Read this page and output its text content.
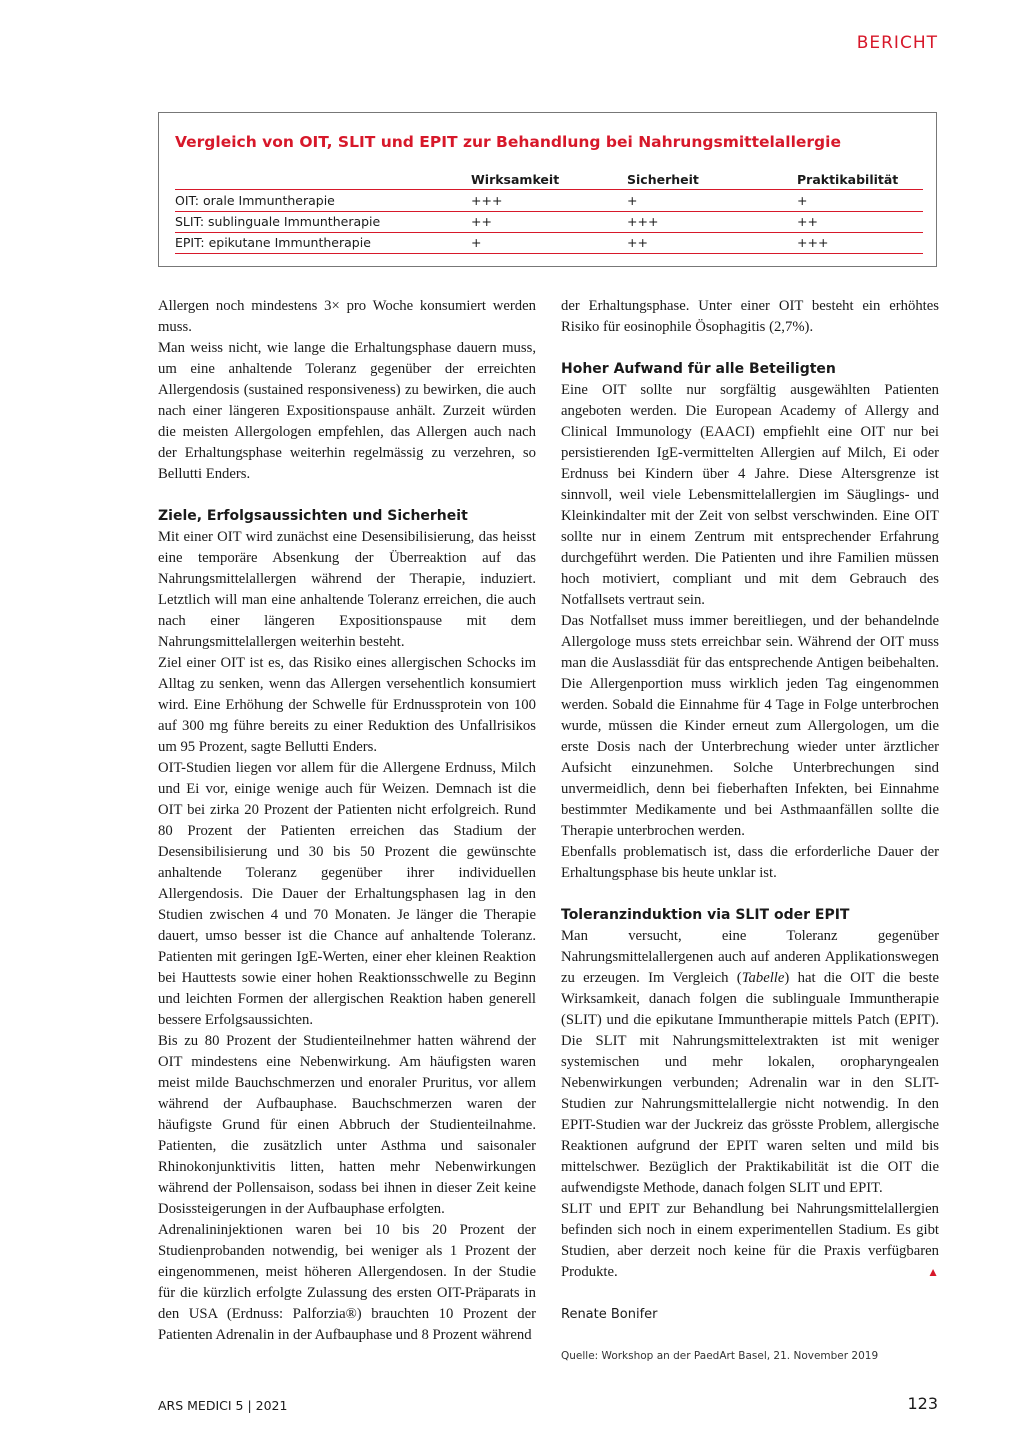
BERICHT
Vergleich von OIT, SLIT und EPIT zur Behandlung bei Nahrungsmittelallergie
Wirksamkeit	Sicherheit	Praktikabilität
OIT: orale Immuntherapie	+++	+	+
SLIT: sublinguale Immuntherapie	++	+++	++
EPIT: epikutane Immuntherapie	+	++	+++

Allergen noch mindestens 3× pro Woche konsumiert werden muss.

Man weiss nicht, wie lange die Erhaltungsphase dauern muss, um eine anhaltende Toleranz gegenüber der erreichten Allergendosis (sustained responsiveness) zu bewirken, die auch nach einer längeren Expositionspause anhält. Zurzeit würden die meisten Allergologen empfehlen, das Allergen auch nach der Erhaltungsphase weiterhin regelmässig zu verzehren, so Bellutti Enders.

Ziele, Erfolgsaussichten und Sicherheit

Mit einer OIT wird zunächst eine Desensibilisierung, das heisst eine temporäre Absenkung der Überreaktion auf das Nahrungsmittelallergen während der Therapie, induziert. Letztlich will man eine anhaltende Toleranz erreichen, die auch nach einer längeren Expositionspause mit dem Nahrungsmittelallergen weiterhin besteht.

Ziel einer OIT ist es, das Risiko eines allergischen Schocks im Alltag zu senken, wenn das Allergen versehentlich konsumiert wird. Eine Erhöhung der Schwelle für Erdnussprotein von 100 auf 300 mg führe bereits zu einer Reduktion des Unfallrisikos um 95 Prozent, sagte Bellutti Enders.

OIT-Studien liegen vor allem für die Allergene Erdnuss, Milch und Ei vor, einige wenige auch für Weizen. Demnach ist die OIT bei zirka 20 Prozent der Patienten nicht erfolgreich. Rund 80 Prozent der Patienten erreichen das Stadium der Desensibilisierung und 30 bis 50 Prozent die gewünschte anhaltende Toleranz gegenüber ihrer individuellen Allergendosis. Die Dauer der Erhaltungsphasen lag in den Studien zwischen 4 und 70 Monaten. Je länger die Therapie dauert, umso besser ist die Chance auf anhaltende Toleranz. Patienten mit geringen IgE-Werten, einer eher kleinen Reaktion bei Hauttests sowie einer hohen Reaktionsschwelle zu Beginn und leichten Formen der allergischen Reaktion haben generell bessere Erfolgsaussichten.

Bis zu 80 Prozent der Studienteilnehmer hatten während der OIT mindestens eine Nebenwirkung. Am häufigsten waren meist milde Bauchschmerzen und enoraler Pruritus, vor allem während der Aufbauphase. Bauchschmerzen waren der häufigste Grund für einen Abbruch der Studienteilnahme. Patienten, die zusätzlich unter Asthma und saisonaler Rhinokonjunktivitis litten, hatten mehr Nebenwirkungen während der Pollensaison, sodass bei ihnen in dieser Zeit keine Dosissteigerungen in der Aufbauphase erfolgten.

Adrenalininjektionen waren bei 10 bis 20 Prozent der Studienprobanden notwendig, bei weniger als 1 Prozent der eingenommenen, meist höheren Allergendosen. In der Studie für die kürzlich erfolgte Zulassung des ersten OIT-Präparats in den USA (Erdnuss: Palforzia®) brauchten 10 Prozent der Patienten Adrenalin in der Aufbauphase und 8 Prozent während

der Erhaltungsphase. Unter einer OIT besteht ein erhöhtes Risiko für eosinophile Ösophagitis (2,7%).

Hoher Aufwand für alle Beteiligten

Eine OIT sollte nur sorgfältig ausgewählten Patienten angeboten werden. Die European Academy of Allergy and Clinical Immunology (EAACI) empfiehlt eine OIT nur bei persistierenden IgE-vermittelten Allergien auf Milch, Ei oder Erdnuss bei Kindern über 4 Jahre. Diese Altersgrenze ist sinnvoll, weil viele Lebensmittelallergien im Säuglings- und Kleinkindalter mit der Zeit von selbst verschwinden. Eine OIT sollte nur in einem Zentrum mit entsprechender Erfahrung durchgeführt werden. Die Patienten und ihre Familien müssen hoch motiviert, compliant und mit dem Gebrauch des Notfallsets vertraut sein.

Das Notfallset muss immer bereitliegen, und der behandelnde Allergologe muss stets erreichbar sein. Während der OIT muss man die Auslassdiät für das entsprechende Antigen beibehalten. Die Allergenportion muss wirklich jeden Tag eingenommen werden. Sobald die Einnahme für 4 Tage in Folge unterbrochen wurde, müssen die Kinder erneut zum Allergologen, um die erste Dosis nach der Unterbrechung wieder unter ärztlicher Aufsicht einzunehmen. Solche Unterbrechungen sind unvermeidlich, denn bei fieberhaften Infekten, bei Einnahme bestimmter Medikamente und bei Asthmaanfällen sollte die Therapie unterbrochen werden.

Ebenfalls problematisch ist, dass die erforderliche Dauer der Erhaltungsphase bis heute unklar ist.

Toleranzinduktion via SLIT oder EPIT

Man versucht, eine Toleranz gegenüber Nahrungsmittelallergenen auch auf anderen Applikationswegen zu erzeugen. Im Vergleich (Tabelle) hat die OIT die beste Wirksamkeit, danach folgen die sublinguale Immuntherapie (SLIT) und die epikutane Immuntherapie mittels Patch (EPIT). Die SLIT mit Nahrungsmittelextrakten ist mit weniger systemischen und mehr lokalen, oropharyngealen Nebenwirkungen verbunden; Adrenalin war in den SLIT-Studien zur Nahrungsmittelallergie nicht notwendig. In den EPIT-Studien war der Juckreiz das grösste Problem, allergische Reaktionen aufgrund der EPIT waren selten und mild bis mittelschwer. Bezüglich der Praktikabilität ist die OIT die aufwendigste Methode, danach folgen SLIT und EPIT.

SLIT und EPIT zur Behandlung bei Nahrungsmittelallergien befinden sich noch in einem experimentellen Stadium. Es gibt Studien, aber derzeit noch keine für die Praxis verfügbaren Produkte.	▲

Renate Bonifer
Quelle: Workshop an der PaedArt Basel, 21. November 2019
ARS MEDICI 5 | 2021	123
